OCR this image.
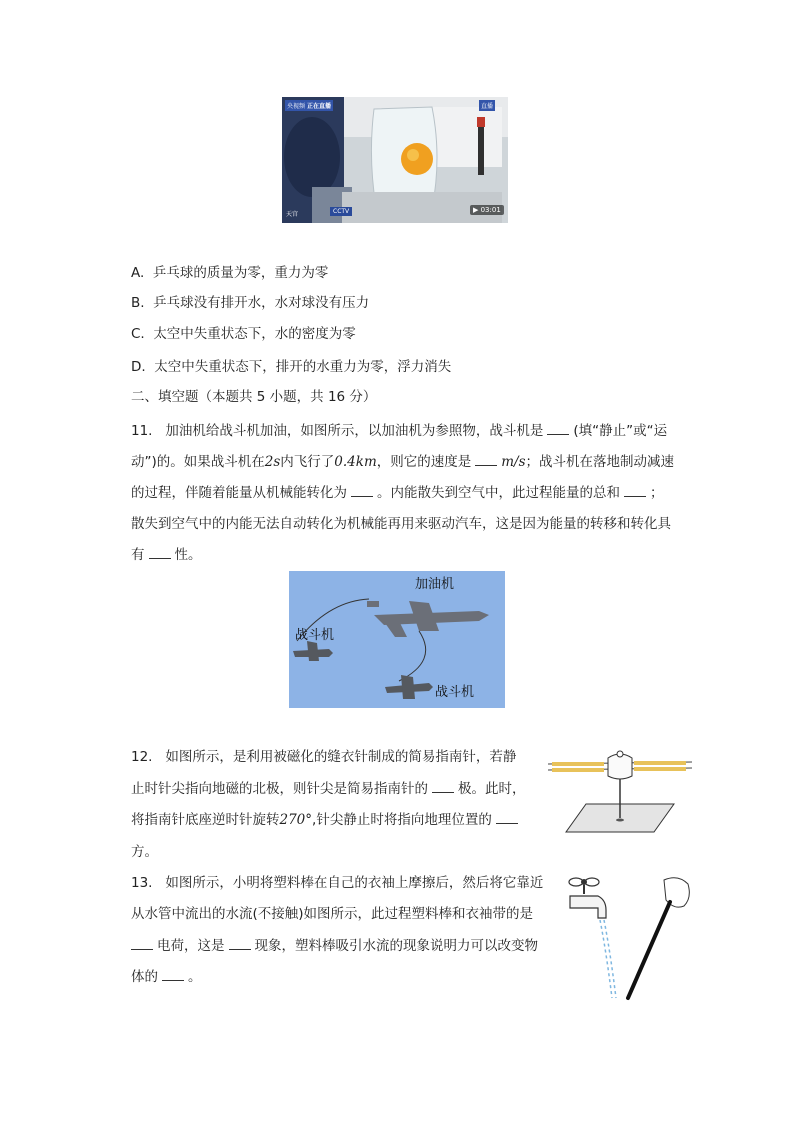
央视频 正在直播	直播
天宫	CCTV	▶ 03:01
A. 乒乓球的质量为零，重力为零
B. 乒乓球没有排开水，水对球没有压力
C. 太空中失重状态下，水的密度为零
D. 太空中失重状态下，排开的水重力为零，浮力消失
二、填空题（本题共 5 小题，共 16 分）
11. 加油机给战斗机加油，如图所示，以加油机为参照物，战斗机是 (填“静止”或“运
动”)的。如果战斗机在2s内飞行了0.4km，则它的速度是 m/s；战斗机在落地制动减速
的过程，伴随着能量从机械能转化为 。内能散失到空气中，此过程能量的总和 ；
散失到空气中的内能无法自动转化为机械能再用来驱动汽车，这是因为能量的转移和转化具
有 性。
加油机
战斗机
战斗机
12. 如图所示，是利用被磁化的缝衣针制成的简易指南针，若静
止时针尖指向地磁的北极，则针尖是简易指南针的 极。此时，
将指南针底座逆时针旋转270°,针尖静止时将指向地理位置的
方。
13. 如图所示，小明将塑料棒在自己的衣袖上摩擦后，然后将它靠近
从水管中流出的水流(不接触)如图所示，此过程塑料棒和衣袖带的是
电荷，这是 现象，塑料棒吸引水流的现象说明力可以改变物
体的 。
